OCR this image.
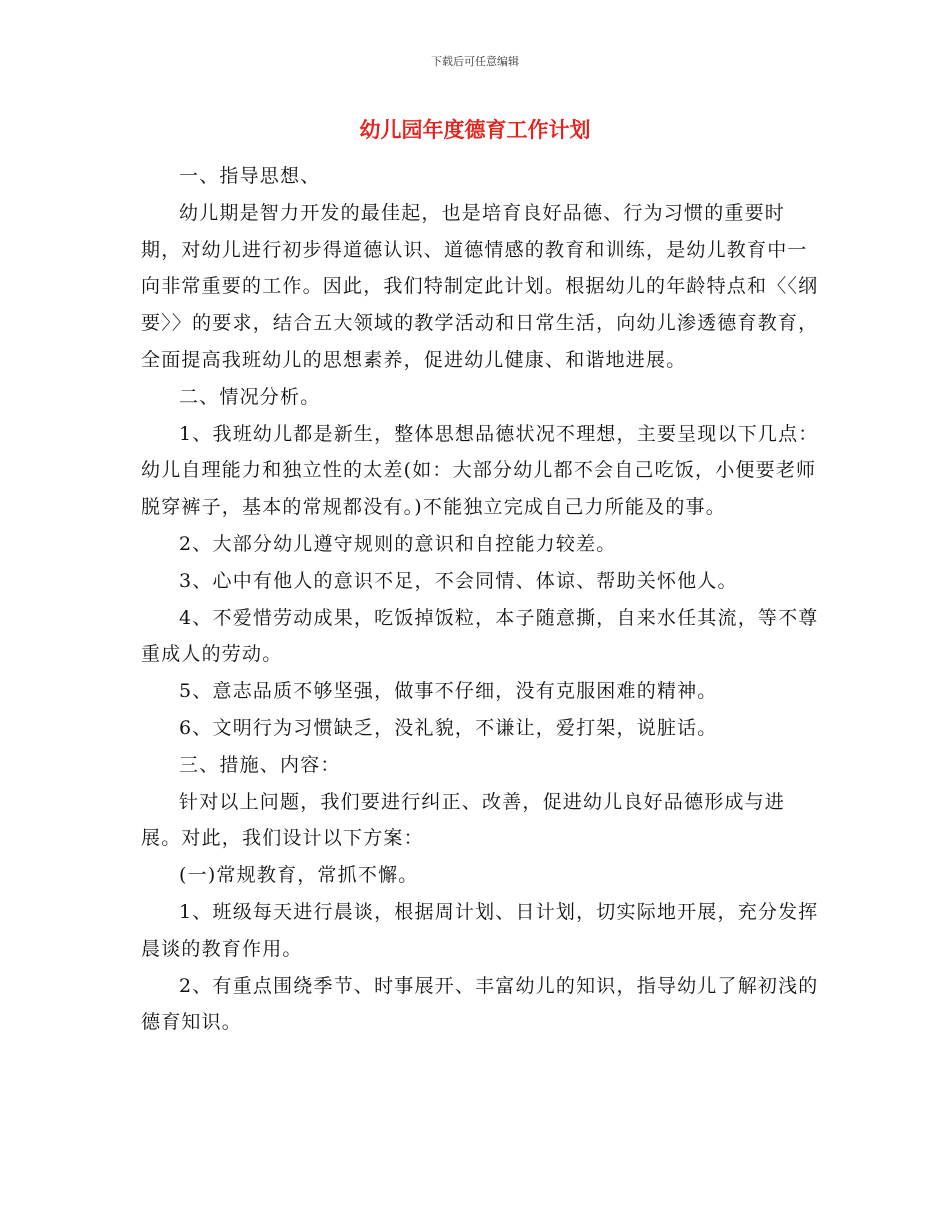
下载后可任意编辑
幼儿园年度德育工作计划

一、指导思想、

幼儿期是智力开发的最佳起，也是培育良好品德、行为习惯的重要时期，对幼儿进行初步得道德认识、道德情感的教育和训练，是幼儿教育中一向非常重要的工作。因此，我们特制定此计划。根据幼儿的年龄特点和〈〈纲要〉〉的要求，结合五大领域的教学活动和日常生活，向幼儿渗透德育教育，全面提高我班幼儿的思想素养，促进幼儿健康、和谐地进展。

二、情况分析。

1、我班幼儿都是新生，整体思想品德状况不理想，主要呈现以下几点：幼儿自理能力和独立性的太差(如：大部分幼儿都不会自己吃饭，小便要老师脱穿裤子，基本的常规都没有。)不能独立完成自己力所能及的事。

2、大部分幼儿遵守规则的意识和自控能力较差。

3、心中有他人的意识不足，不会同情、体谅、帮助关怀他人。

4、不爱惜劳动成果，吃饭掉饭粒，本子随意撕，自来水任其流，等不尊重成人的劳动。

5、意志品质不够坚强，做事不仔细，没有克服困难的精神。

6、文明行为习惯缺乏，没礼貌，不谦让，爱打架，说脏话。

三、措施、内容：

针对以上问题，我们要进行纠正、改善，促进幼儿良好品德形成与进展。对此，我们设计以下方案：

(一)常规教育，常抓不懈。

1、班级每天进行晨谈，根据周计划、日计划，切实际地开展，充分发挥晨谈的教育作用。

2、有重点围绕季节、时事展开、丰富幼儿的知识，指导幼儿了解初浅的德育知识。
